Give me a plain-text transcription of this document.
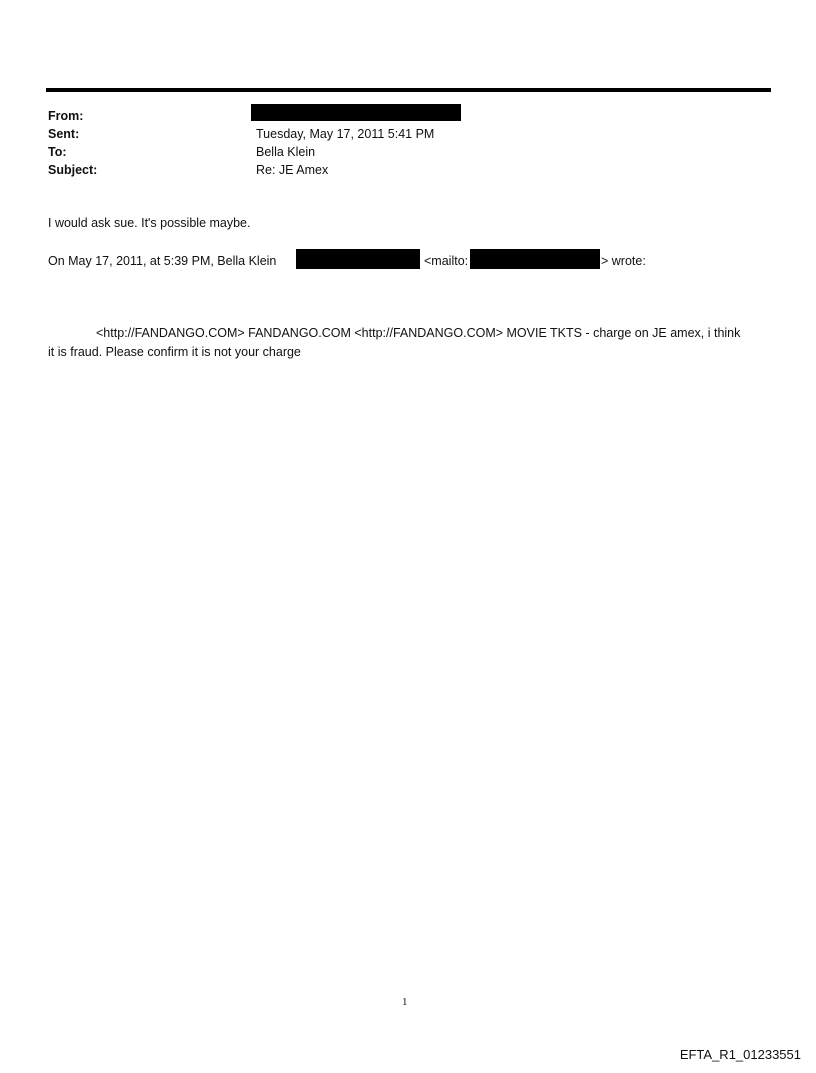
From:
Sent:	Tuesday, May 17, 2011 5:41 PM
To:	Bella Klein
Subject:	Re: JE Amex
I would ask sue. It's possible maybe.
On May 17, 2011, at 5:39 PM, Bella Klein	<mailto:	> wrote:
<http://FANDANGO.COM> FANDANGO.COM <http://FANDANGO.COM> MOVIE TKTS - charge on JE amex, i think it is fraud. Please confirm it is not your charge
1
EFTA_R1_01233551
